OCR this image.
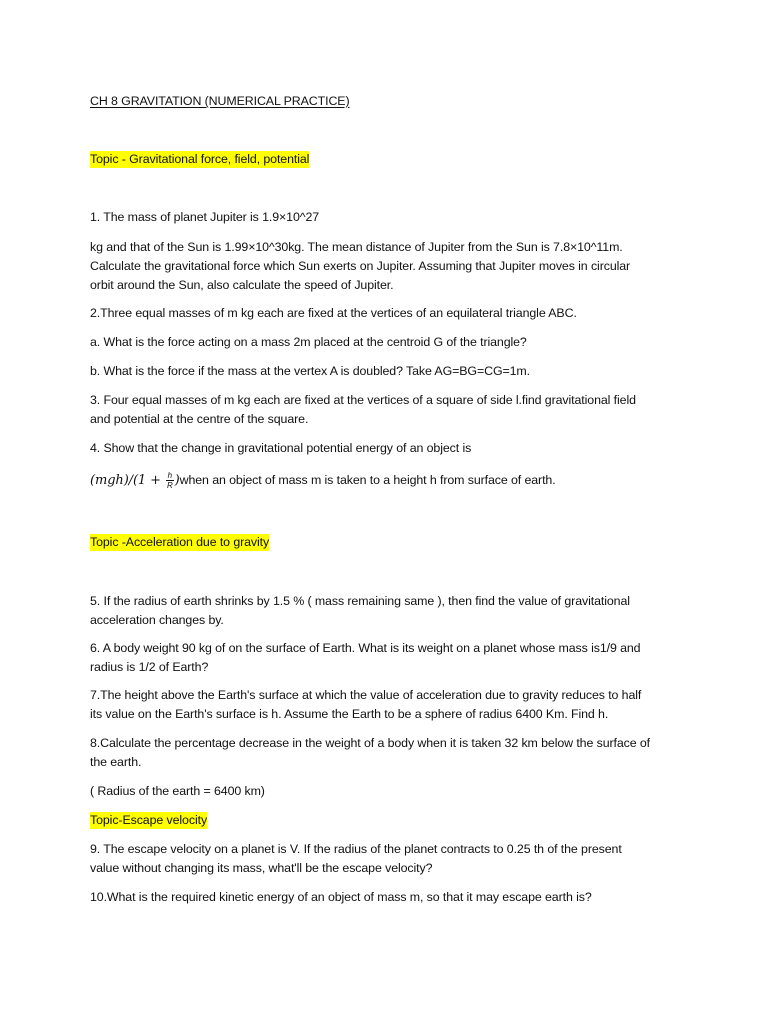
CH 8 GRAVITATION (NUMERICAL PRACTICE)
Topic - Gravitational force, field, potential
1. The mass of planet Jupiter is 1.9×10^27
kg and that of the Sun is 1.99×10^30kg. The mean distance of Jupiter from the Sun is 7.8×10^11m.
Calculate the gravitational force which Sun exerts on Jupiter. Assuming that Jupiter moves in circular
orbit around the Sun, also calculate the speed of Jupiter.
2.Three equal masses of m kg each are fixed at the vertices of an equilateral triangle ABC.
a. What is the force acting on a mass 2m placed at the centroid G of the triangle?
b. What is the force if the mass at the vertex A is doubled? Take AG=BG=CG=1m.
3. Four equal masses of m kg each are fixed at the vertices of a square of side l.find gravitational field
and potential at the centre of the square.
4. Show that the change in gravitational potential energy of an object is
$(mgh)/(1 + \frac{h}{R}$ )when an object of mass m is taken to a height h from surface of earth.
Topic -Acceleration due to gravity
5. If the radius of earth shrinks by 1.5 % ( mass remaining same ), then find the value of gravitational
acceleration changes by.
6. A body weight 90 kg of on the surface of Earth. What is its weight on a planet whose mass is1/9 and
radius is 1/2 of Earth?
7.The height above the Earth's surface at which the value of acceleration due to gravity reduces to half
its value on the Earth's surface is h. Assume the Earth to be a sphere of radius 6400 Km. Find h.
8.Calculate the percentage decrease in the weight of a body when it is taken 32 km below the surface of
the earth.
( Radius of the earth = 6400 km)
Topic-Escape velocity
9. The escape velocity on a planet is V. If the radius of the planet contracts to 0.25 th of the present
value without changing its mass, what'll be the escape velocity?
10.What is the required kinetic energy of an object of mass m, so that it may escape earth is?
